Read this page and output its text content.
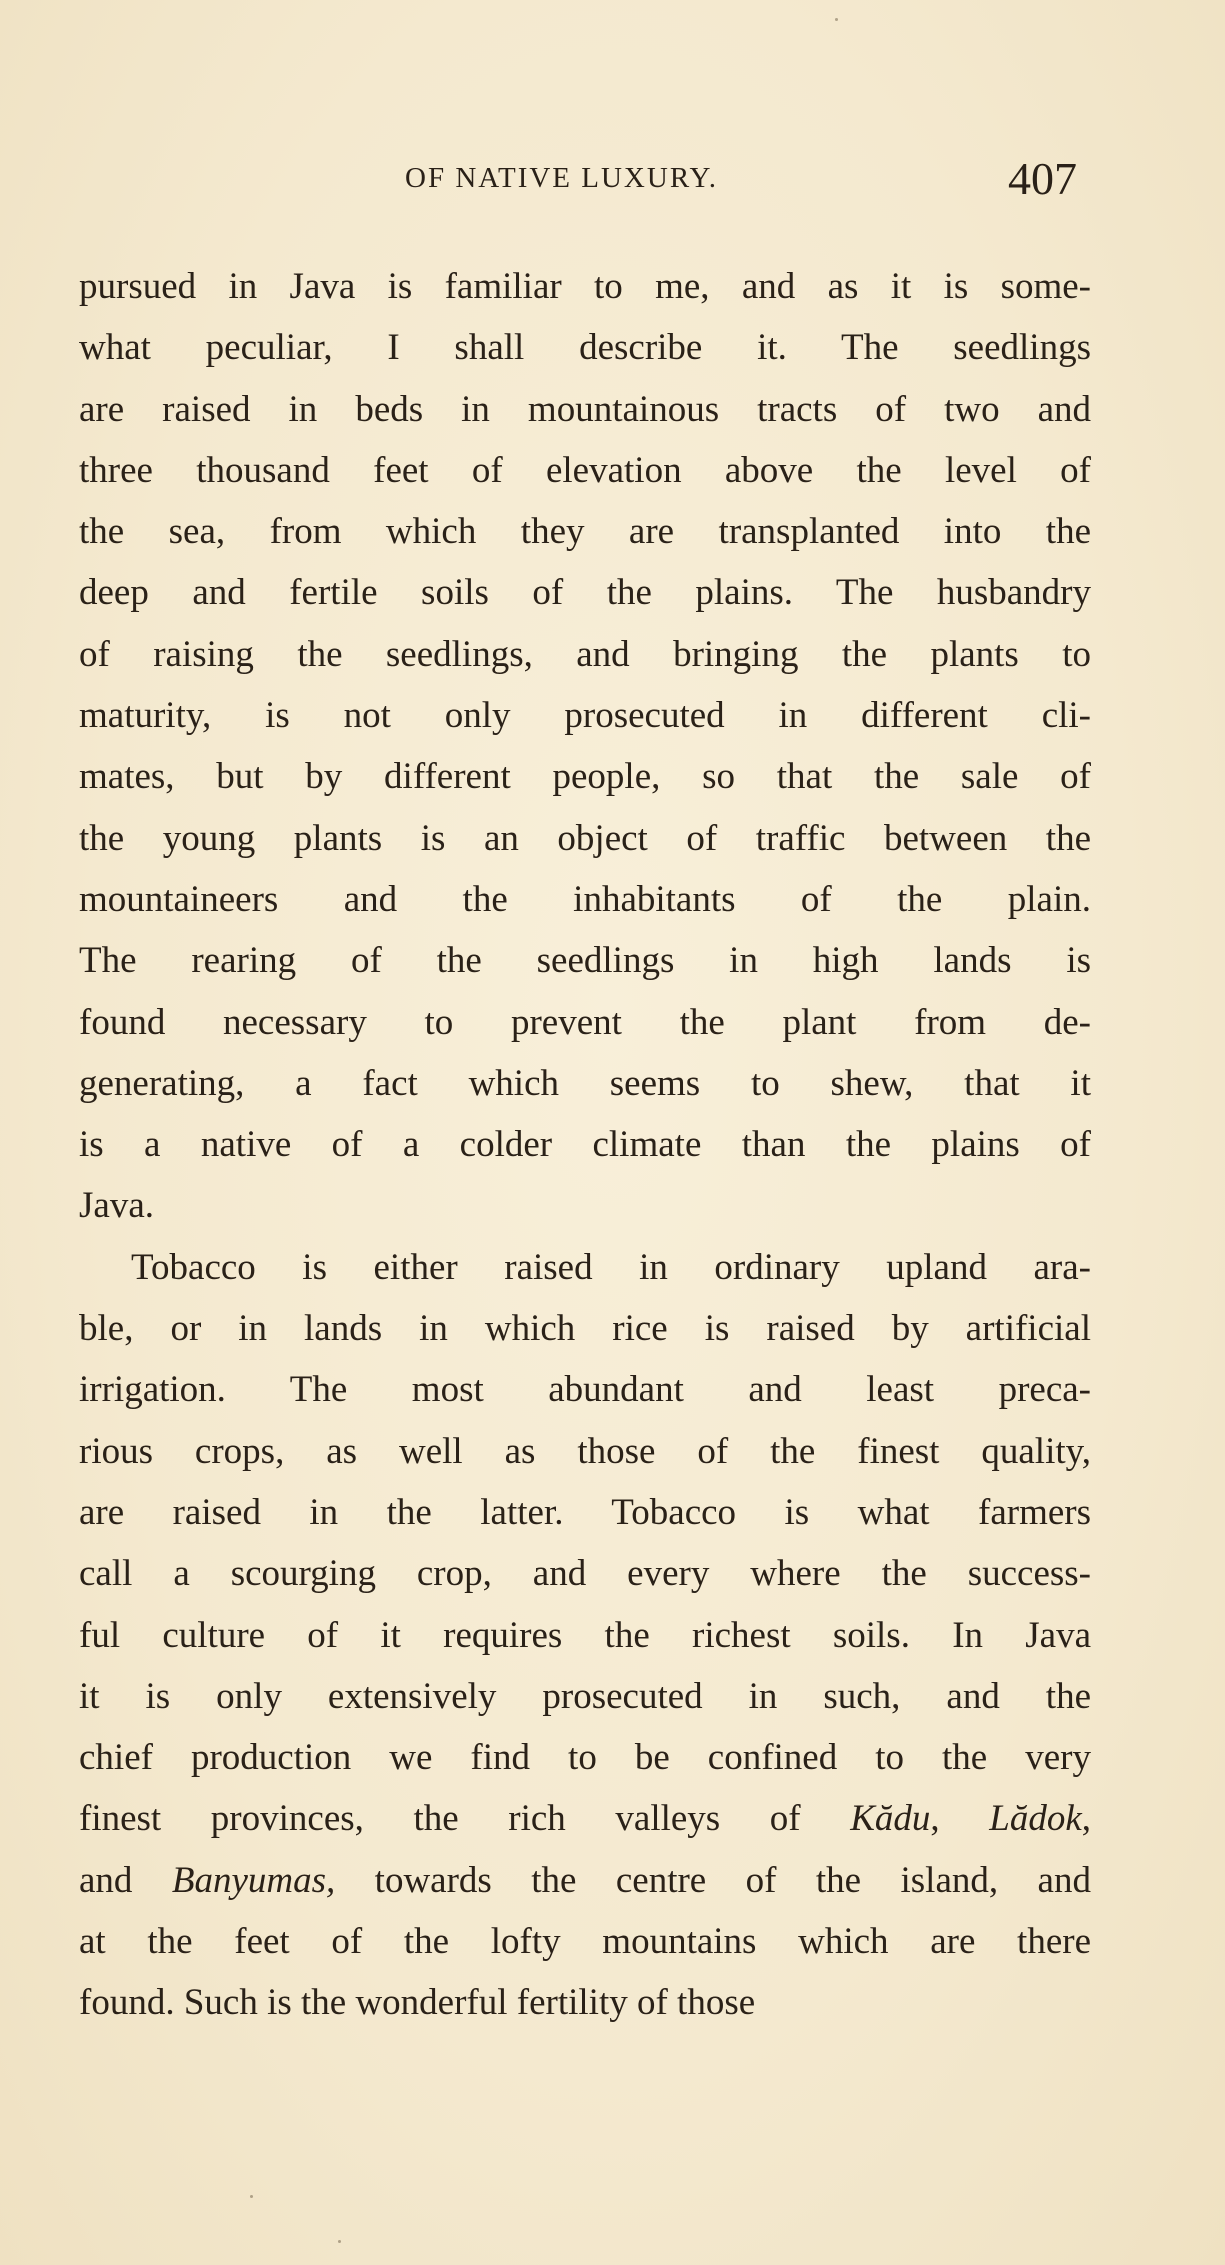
OF NATIVE LUXURY.	407
pursued in Java is familiar to me, and as it is some-
what peculiar, I shall describe it. The seedlings
are raised in beds in mountainous tracts of two and
three thousand feet of elevation above the level of
the sea, from which they are transplanted into the
deep and fertile soils of the plains. The husbandry
of raising the seedlings, and bringing the plants to
maturity, is not only prosecuted in different cli-
mates, but by different people, so that the sale of
the young plants is an object of traffic between the
mountaineers and the inhabitants of the plain.
The rearing of the seedlings in high lands is
found necessary to prevent the plant from de-
generating, a fact which seems to shew, that it
is a native of a colder climate than the plains of
Java.
Tobacco is either raised in ordinary upland ara-
ble, or in lands in which rice is raised by artificial
irrigation. The most abundant and least preca-
rious crops, as well as those of the finest quality,
are raised in the latter. Tobacco is what farmers
call a scourging crop, and every where the success-
ful culture of it requires the richest soils. In Java
it is only extensively prosecuted in such, and the
chief production we find to be confined to the very
finest provinces, the rich valleys of Kădu, Lădok,
and Banyumas, towards the centre of the island, and
at the feet of the lofty mountains which are there
found. Such is the wonderful fertility of those
